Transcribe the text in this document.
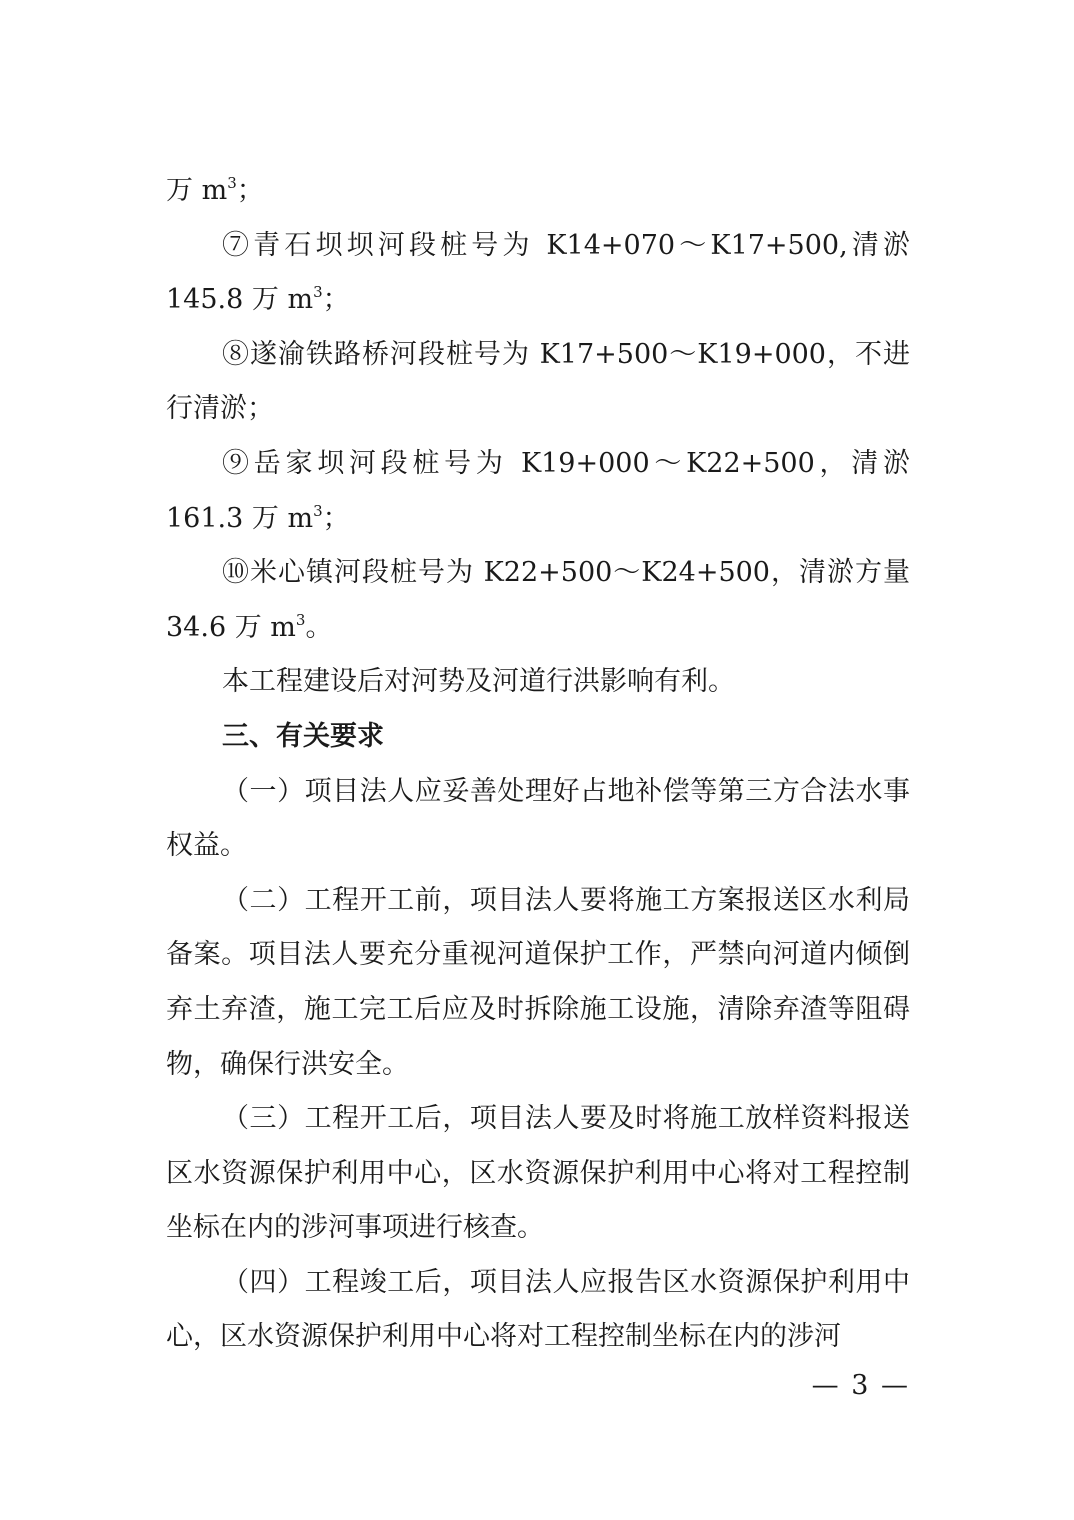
万 $m^3$；

⑦青石坝坝河段桩号为 K14+070～K17+500,清淤 145.8 万 $m^3$；

⑧遂渝铁路桥河段桩号为 K17+500～K19+000，不进行清淤；

⑨岳家坝河段桩号为 K19+000～K22+500，清淤 161.3 万 $m^3$；

⑩米心镇河段桩号为 K22+500～K24+500，清淤方量 34.6 万 $m^3$。

本工程建设后对河势及河道行洪影响有利。

三、有关要求

（一）项目法人应妥善处理好占地补偿等第三方合法水事权益。

（二）工程开工前，项目法人要将施工方案报送区水利局备案。项目法人要充分重视河道保护工作，严禁向河道内倾倒弃土弃渣，施工完工后应及时拆除施工设施，清除弃渣等阻碍物，确保行洪安全。

（三）工程开工后，项目法人要及时将施工放样资料报送区水资源保护利用中心，区水资源保护利用中心将对工程控制坐标在内的涉河事项进行核查。

（四）工程竣工后，项目法人应报告区水资源保护利用中心，区水资源保护利用中心将对工程控制坐标在内的涉河

— 3 —
